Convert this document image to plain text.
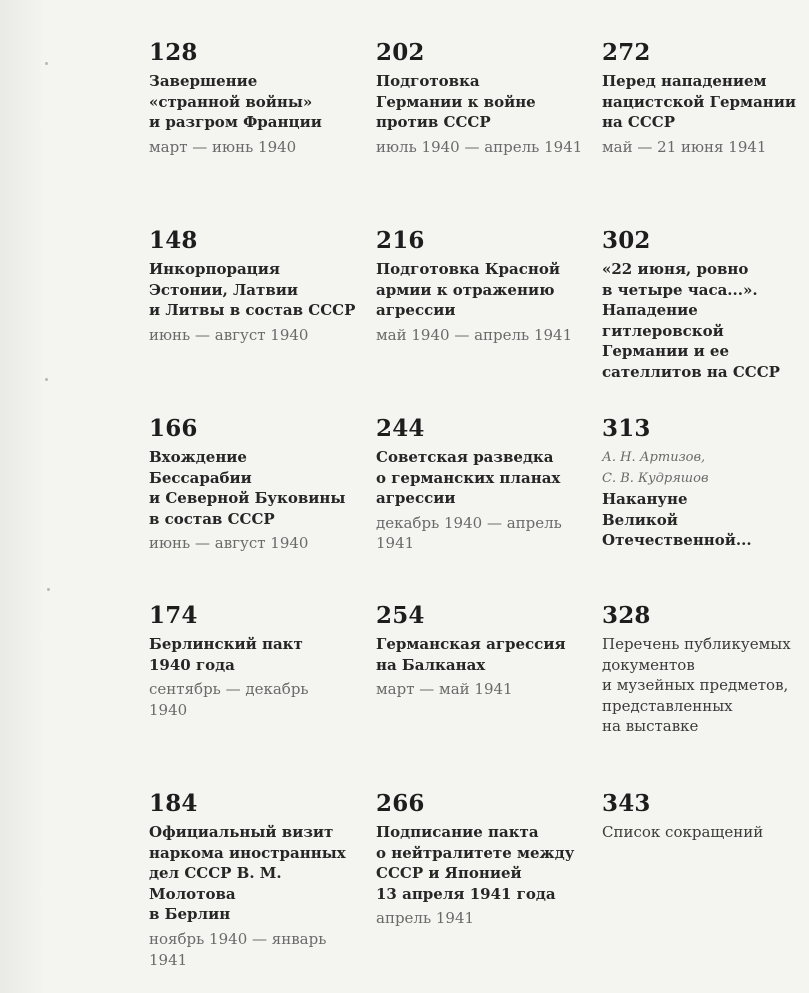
128
Завершение
«странной войны»
и разгром Франции
март — июнь 1940
202
Подготовка
Германии к войне
против СССР
июль 1940 — апрель 1941
272
Перед нападением
нацистской Германии
на СССР
май — 21 июня 1941
148
Инкорпорация
Эстонии, Латвии
и Литвы в состав СССР
июнь — август 1940
216
Подготовка Красной
армии к отражению
агрессии
май 1940 — апрель 1941
302
«22 июня, ровно
в четыре часа...».
Нападение
гитлеровской
Германии и ее
сателлитов на СССР
166
Вхождение
Бессарабии
и Северной Буковины
в состав СССР
июнь — август 1940
244
Советская разведка
о германских планах
агрессии
декабрь 1940 — апрель
1941
313
А. Н. Артизов,
С. В. Кудряшов
Накануне
Великой
Отечественной...
174
Берлинский пакт
1940 года
сентябрь — декабрь
1940
254
Германская агрессия
на Балканах
март — май 1941
328
Перечень публикуемых
документов
и музейных предметов,
представленных
на выставке
184
Официальный визит
наркома иностранных
дел СССР В. М. Молотова
в Берлин
ноябрь 1940 — январь
1941
266
Подписание пакта
о нейтралитете между
СССР и Японией
13 апреля 1941 года
апрель 1941
343
Список сокращений
